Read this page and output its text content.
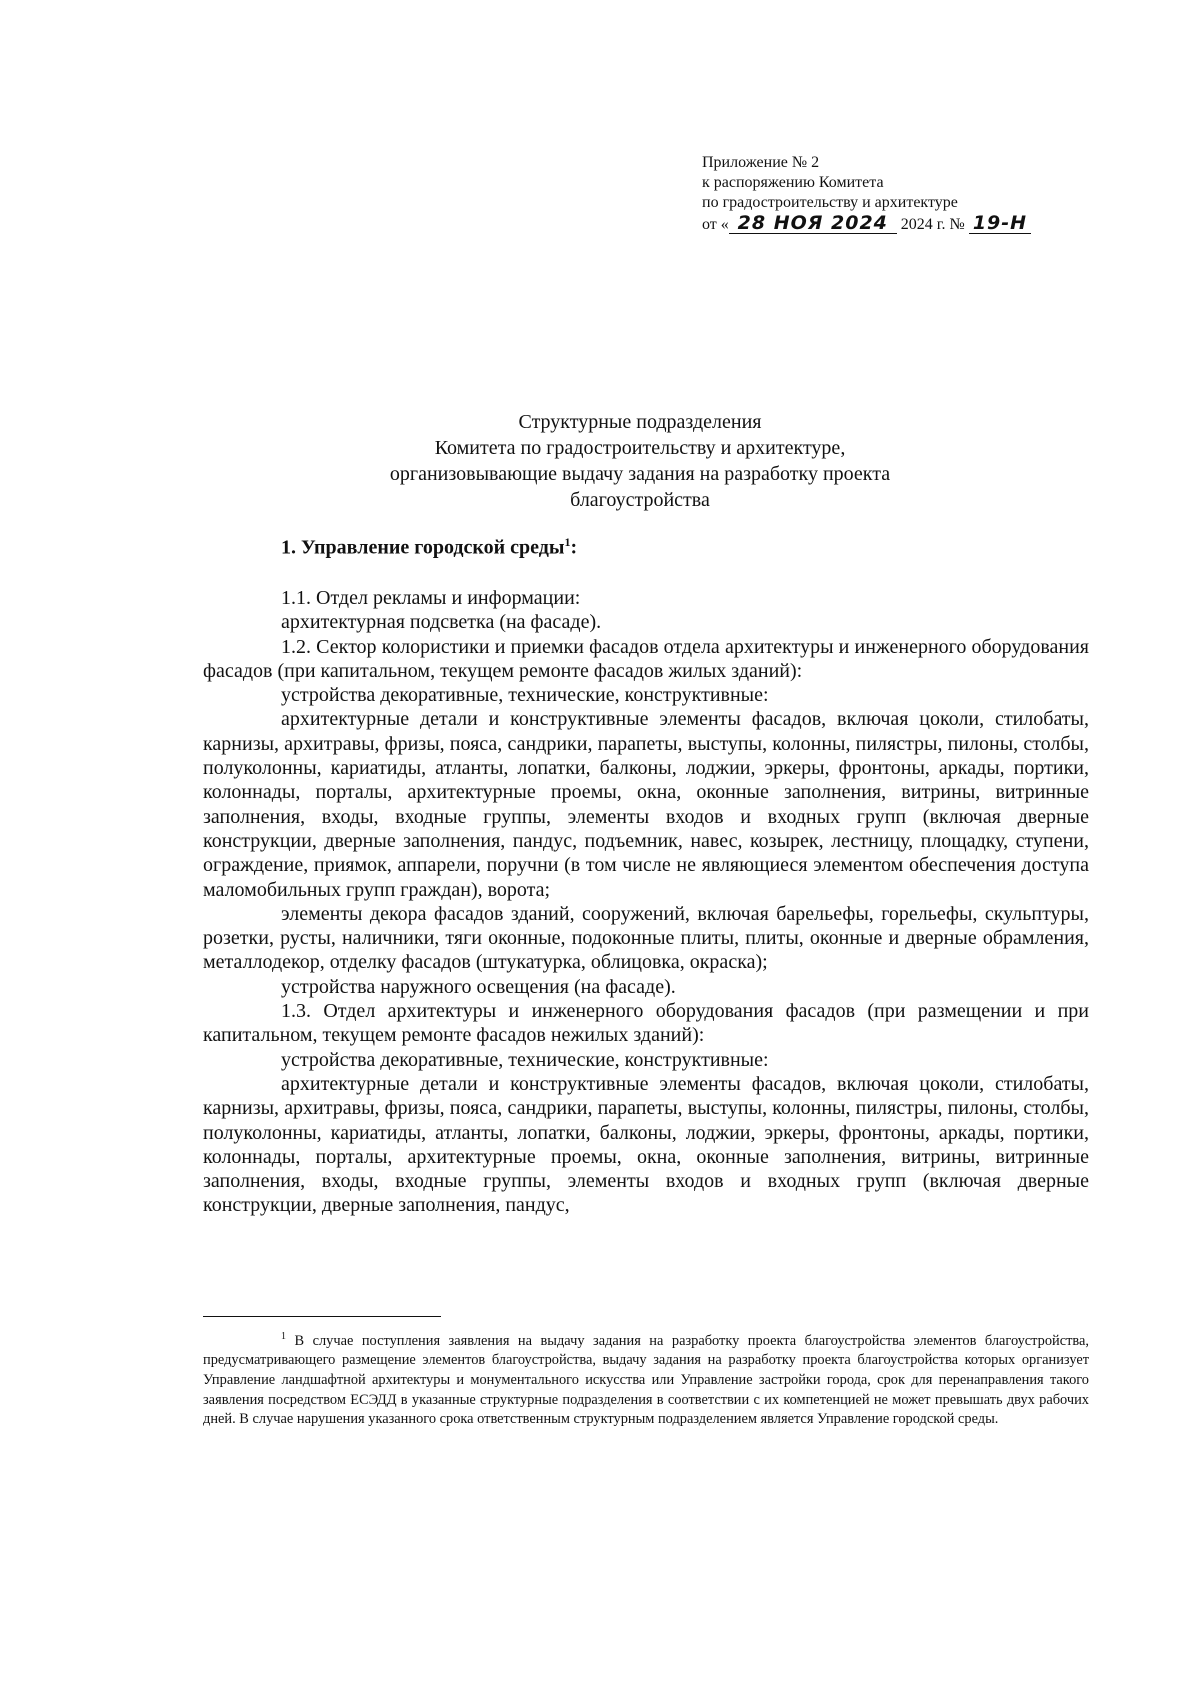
Приложение № 2
к распоряжению Комитета
по градостроительству и архитектуре
от « 28 НОЯ 2024 2024 г. № 19-Н
Структурные подразделения
Комитета по градостроительству и архитектуре,
организовывающие выдачу задания на разработку проекта
благоустройства
1. Управление городской среды$^1$:

1.1. Отдел рекламы и информации:

архитектурная подсветка (на фасаде).

1.2. Сектор колористики и приемки фасадов отдела архитектуры и инженерного оборудования фасадов (при капитальном, текущем ремонте фасадов жилых зданий):

устройства декоративные, технические, конструктивные:

архитектурные детали и конструктивные элементы фасадов, включая цоколи, стилобаты, карнизы, архитравы, фризы, пояса, сандрики, парапеты, выступы, колонны, пилястры, пилоны, столбы, полуколонны, кариатиды, атланты, лопатки, балконы, лоджии, эркеры, фронтоны, аркады, портики, колоннады, порталы, архитектурные проемы, окна, оконные заполнения, витрины, витринные заполнения, входы, входные группы, элементы входов и входных групп (включая дверные конструкции, дверные заполнения, пандус, подъемник, навес, козырек, лестницу, площадку, ступени, ограждение, приямок, аппарели, поручни (в том числе не являющиеся элементом обеспечения доступа маломобильных групп граждан), ворота;

элементы декора фасадов зданий, сооружений, включая барельефы, горельефы, скульптуры, розетки, русты, наличники, тяги оконные, подоконные плиты, плиты, оконные и дверные обрамления, металлодекор, отделку фасадов (штукатурка, облицовка, окраска);

устройства наружного освещения (на фасаде).

1.3. Отдел архитектуры и инженерного оборудования фасадов (при размещении и при капитальном, текущем ремонте фасадов нежилых зданий):

устройства декоративные, технические, конструктивные:

архитектурные детали и конструктивные элементы фасадов, включая цоколи, стилобаты, карнизы, архитравы, фризы, пояса, сандрики, парапеты, выступы, колонны, пилястры, пилоны, столбы, полуколонны, кариатиды, атланты, лопатки, балконы, лоджии, эркеры, фронтоны, аркады, портики, колоннады, порталы, архитектурные проемы, окна, оконные заполнения, витрины, витринные заполнения, входы, входные группы, элементы входов и входных групп (включая дверные конструкции, дверные заполнения, пандус,

$^1$ В случае поступления заявления на выдачу задания на разработку проекта благоустройства элементов благоустройства, предусматривающего размещение элементов благоустройства, выдачу задания на разработку проекта благоустройства которых организует Управление ландшафтной архитектуры и монументального искусства или Управление застройки города, срок для перенаправления такого заявления посредством ЕСЭДД в указанные структурные подразделения в соответствии с их компетенцией не может превышать двух рабочих дней. В случае нарушения указанного срока ответственным структурным подразделением является Управление городской среды.
